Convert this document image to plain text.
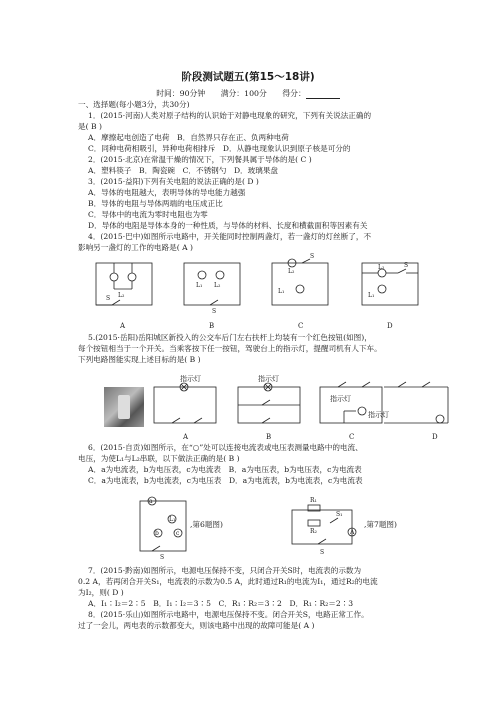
阶段测试题五(第15～18讲)
时间：90分钟　　 满分：100分　　 得分：
一、选择题(每小题3分，共30分)
1．(2015·河南)人类对原子结构的认识始于对静电现象的研究，下列有关说法正确的
是( B )
A．摩擦起电创造了电荷　B．自然界只存在正、负两种电荷
C．同种电荷相吸引，异种电荷相排斥　D．从静电现象认识到原子核是可分的
2．(2015·北京)在常温干燥的情况下，下列餐具属于导体的是( C )
A．塑料筷子　B．陶瓷碗　C．不锈钢勺　D．玻璃果盘
3．(2015·益阳)下列有关电阻的说法正确的是( D )
A．导体的电阻越大，表明导体的导电能力越强
B．导体的电阻与导体两端的电压成正比
C．导体中的电流为零时电阻也为零
D．导体的电阻是导体本身的一种性质，与导体的材料、长度和横截面积等因素有关
4．(2015·巴中)如图所示电路中，开关能同时控制两盏灯，若一盏灯的灯丝断了，不
影响另一盏灯的工作的电路是( A )
S L₂
L₁ L₂
S
L₂
S
L₁
L₂	S
L₁
A	B	C	D
5.(2015·岳阳)岳阳城区新投入的公交车后门左右扶杆上均装有一个红色按钮(如图)，
每个按钮相当于一个开关。当乘客按下任一按钮，驾驶台上的指示灯，提醒司机有人下车。
下列电路图能实现上述目标的是( B )
指示灯	指示灯
指示灯
指示灯
A	B	C	D
6．(2015·自贡)如图所示，在“○”处可以连接电流表或电压表测量电路中的电流、
电压，为使L₁与L₂串联，以下做法正确的是( B )
A．a为电流表，b为电压表，c为电流表　B．a为电压表，b为电压表，c为电流表
C．a为电流表，b为电流表，c为电压表　D．a为电流表，b为电流表，c为电流表
a
L₁
b	c
S
,第6题图)
R₁
R₂
S₁
A
S
,第7题图)
7．(2015·黔南)如图所示，电源电压保持不变，只闭合开关S时，电流表的示数为
0.2 A，若再闭合开关S₁，电流表的示数为0.5 A，此时通过R₁的电流为I₁，通过R₂的电流
为I₂，则( D )
A．I₁∶I₂＝2∶5　B．I₁∶I₂＝3∶5　C．R₁∶R₂＝3∶2　D．R₁∶R₂＝2∶3
8．(2015·乐山)如图所示电路中，电源电压保持不变。闭合开关S，电路正常工作。
过了一会儿，两电表的示数都变大，则该电路中出现的故障可能是( A )
